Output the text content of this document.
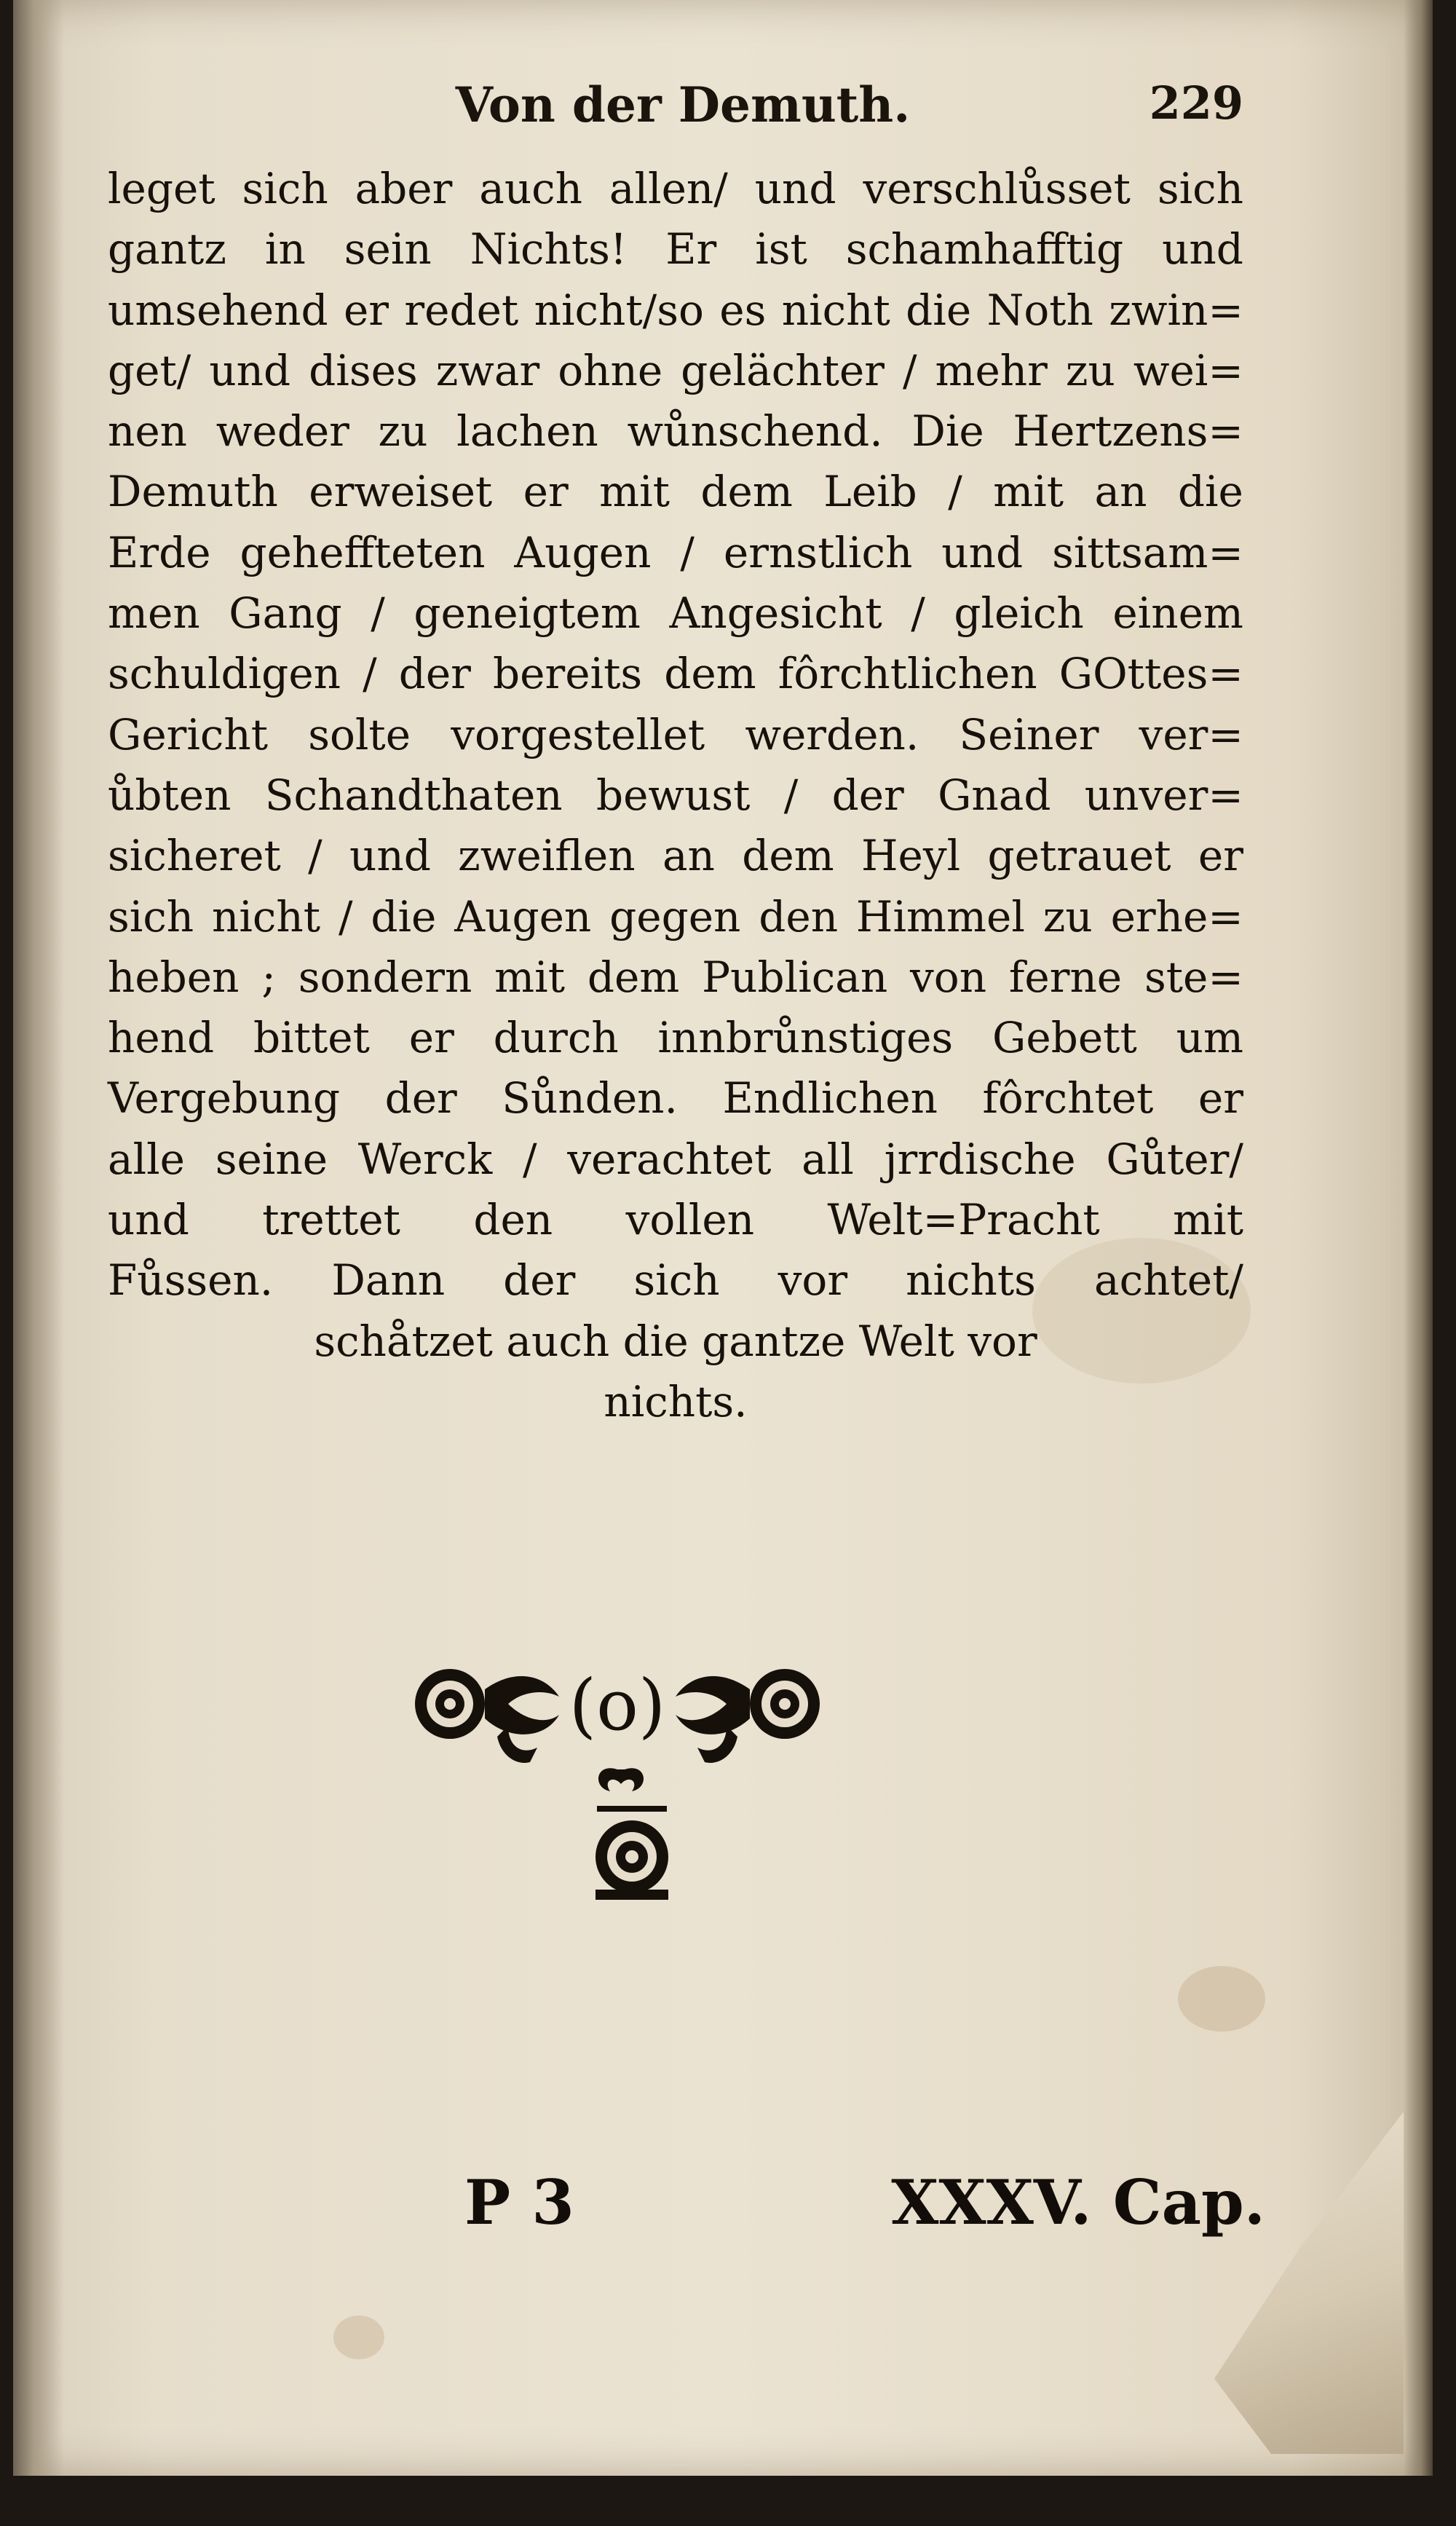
Von der Demuth.	229
leget sich aber auch allen/ und verschlůsset sich
gantz in sein Nichts! Er ist schamhafftig und
umsehend er redet nicht/so es nicht die Noth zwin=
get/ und dises zwar ohne gelächter / mehr zu wei=
nen weder zu lachen wůnschend. Die Hertzens=
Demuth erweiset er mit dem Leib / mit an die
Erde geheffteten Augen / ernstlich und sittsam=
men Gang / geneigtem Angesicht / gleich einem
schuldigen / der bereits dem fôrchtlichen GOttes=
Gericht solte vorgestellet werden. Seiner ver=
ůbten Schandthaten bewust / der Gnad unver=
sicheret / und zweiflen an dem Heyl getrauet er
sich nicht / die Augen gegen den Himmel zu erhe=
heben ; sondern mit dem Publican von ferne ste=
hend bittet er durch innbrůnstiges Gebett um
Vergebung der Sůnden. Endlichen fôrchtet er
alle seine Werck / verachtet all jrrdische Gůter/
und trettet den vollen Welt=Pracht mit
Fůssen. Dann der sich vor nichts achtet/
schåtzet auch die gantze Welt vor
nichts.
(o)
P 3	XXXV. Cap.
